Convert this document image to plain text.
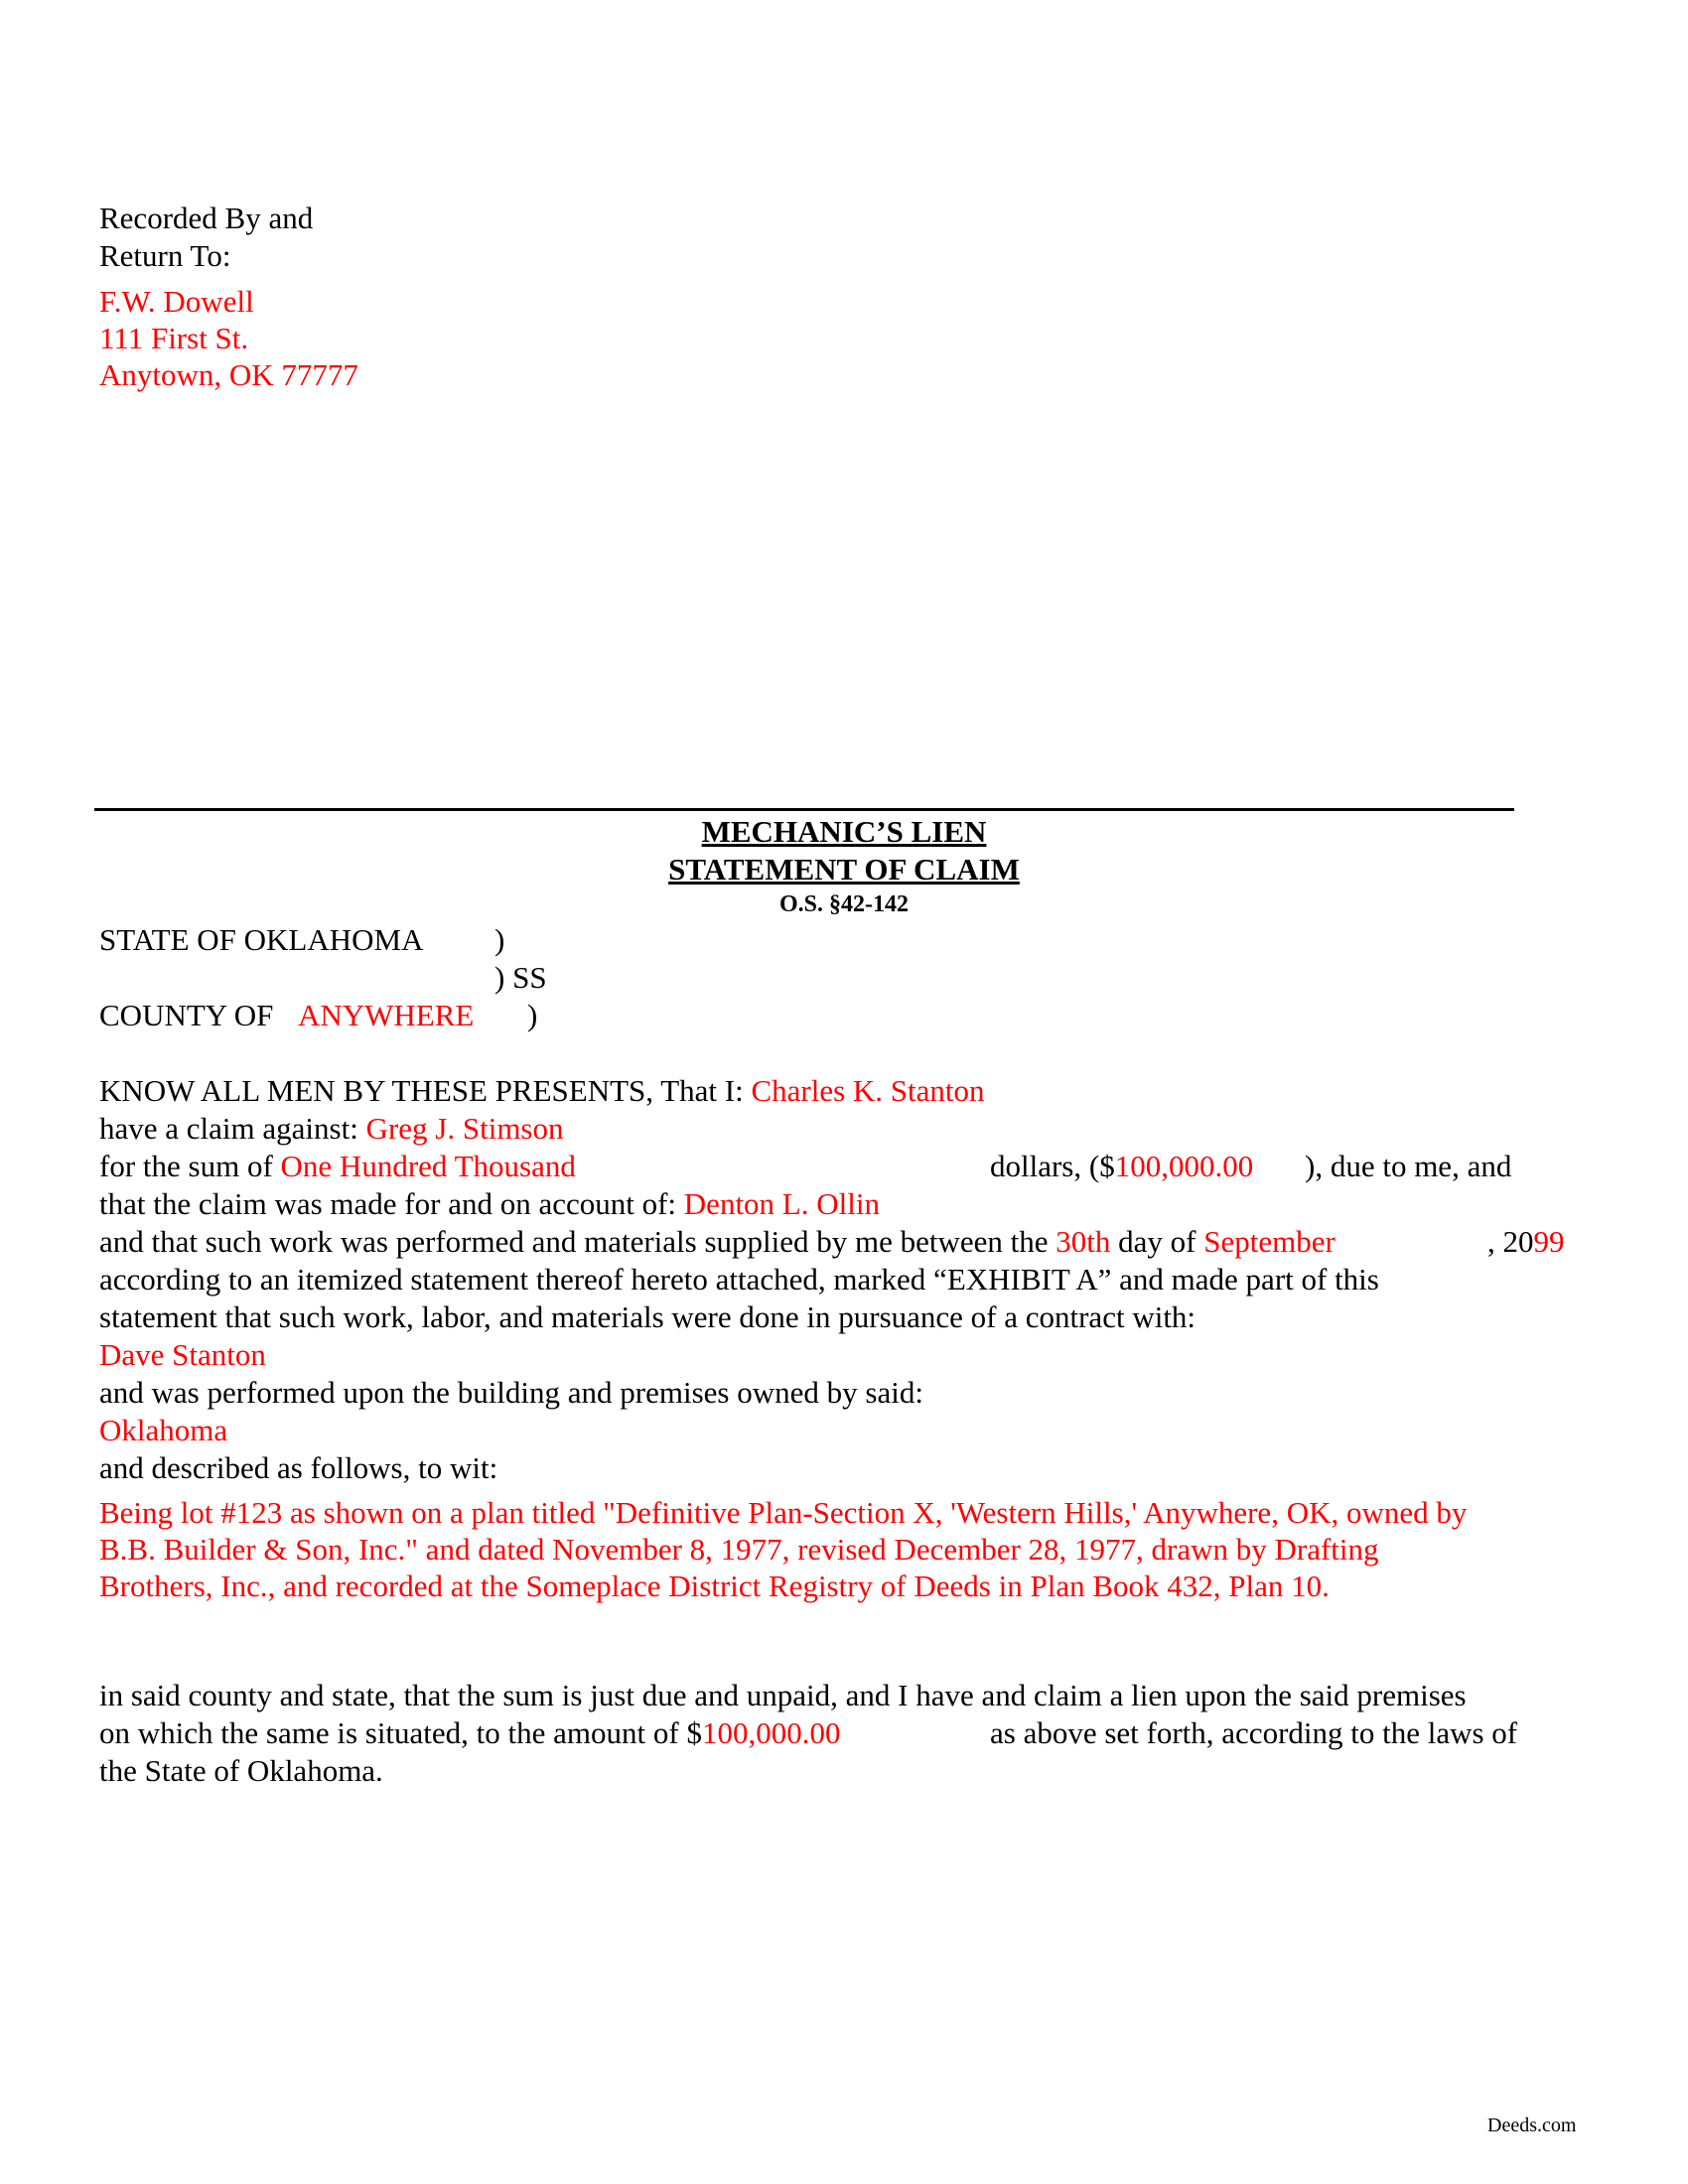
Recorded By and
Return To:
F.W. Dowell
111 First St.
Anytown, OK 77777
MECHANIC’S LIEN
STATEMENT OF CLAIM
O.S. §42-142
STATE OF OKLAHOMA )
) SS
COUNTY OF ANYWHERE )
KNOW ALL MEN BY THESE PRESENTS, That I: Charles K. Stanton
have a claim against: Greg J. Stimson
for the sum of One Hundred Thousand	dollars, ($100,000.00 ), due to me, and
that the claim was made for and on account of: Denton L. Ollin
and that such work was performed and materials supplied by me between the 30th day of September	, 2099
according to an itemized statement thereof hereto attached, marked “EXHIBIT A” and made part of this
statement that such work, labor, and materials were done in pursuance of a contract with:
Dave Stanton
and was performed upon the building and premises owned by said:
Oklahoma
and described as follows, to wit:
Being lot #123 as shown on a plan titled "Definitive Plan-Section X, 'Western Hills,' Anywhere, OK, owned by
B.B. Builder & Son, Inc." and dated November 8, 1977, revised December 28, 1977, drawn by Drafting
Brothers, Inc., and recorded at the Someplace District Registry of Deeds in Plan Book 432, Plan 10.
in said county and state, that the sum is just due and unpaid, and I have and claim a lien upon the said premises
on which the same is situated, to the amount of $100,000.00	as above set forth, according to the laws of
the State of Oklahoma.
Deeds.com
